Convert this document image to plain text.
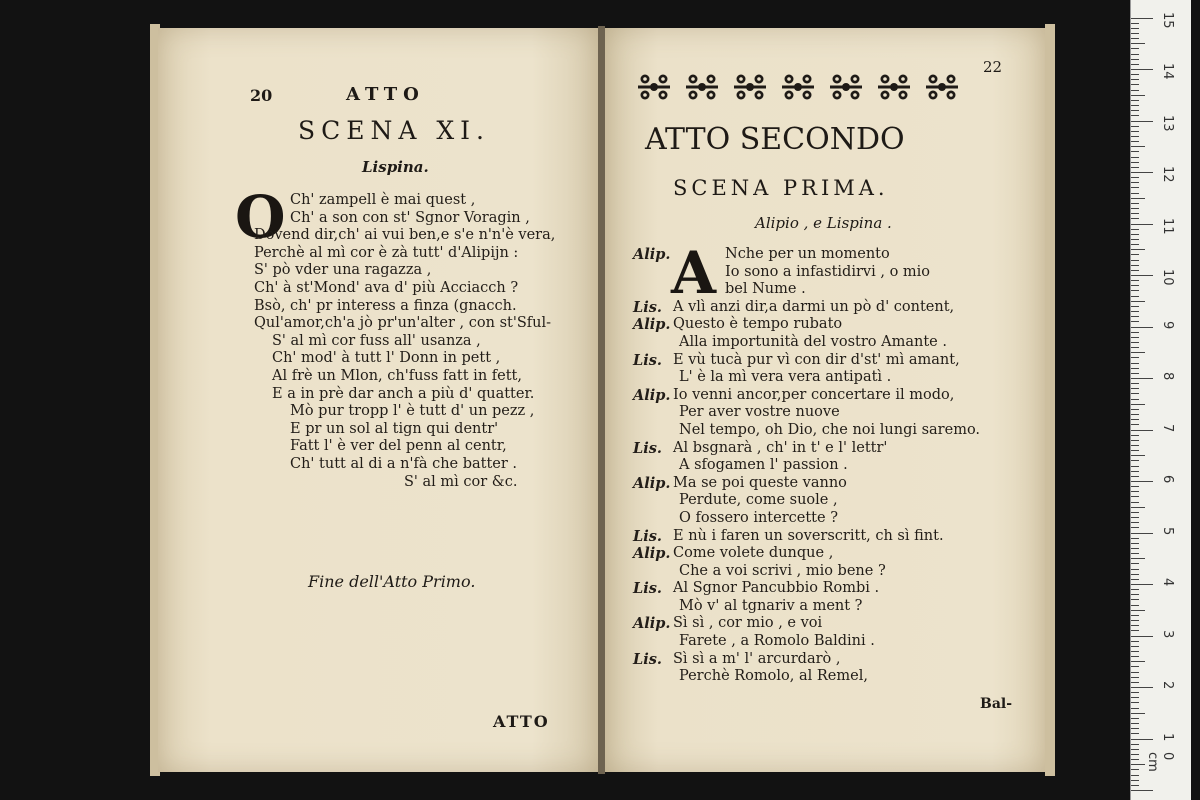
20	ATTO
SCENA XI.
Lispina.
O Ch' zampell è mai quest ,
Ch' a son con st' Sgnor Voragin ,
Dovend dir,ch' ai vui ben,e s'e n'n'è vera,
Perchè al mì cor è zà tutt' d'Alipijn :
S' pò vder una ragazza ,
Ch' à st'Mond' ava d' più Acciacch ?
Bsò, ch' pr interess a finza (gnacch.
Qul'amor,ch'a jò pr'un'alter , con st'Sful-
S' al mì cor fuss all' usanza ,
Ch' mod' à tutt l' Donn in pett ,
Al frè un Mlon, ch'fuss fatt in fett,
E a in prè dar anch a più d' quatter.
Mò pur tropp l' è tutt d' un pezz ,
E pr un sol al tign qui dentr'
Fatt l' è ver del penn al centr,
Ch' tutt al di a n'fà che batter .
S' al mì cor &c.
Fine dell'Atto Primo.
ATTO
22
ATTO SECONDO
SCENA PRIMA.
Alipio , e Lispina .
A
Alip.	Nche per un momento
Io sono a infastidirvi , o mio
bel Nume .
Lis. A vlì anzi dir,a darmi un pò d' content,
Alip. Questo è tempo rubato
Alla importunità del vostro Amante .
Lis. E vù tucà pur vì con dir d'st' mì amant,
L' è la mì vera vera antipatì .
Alip. Io venni ancor,per concertare il modo,
Per aver vostre nuove
Nel tempo, oh Dio, che noi lungi saremo.
Lis. Al bsgnarà , ch' in t' e l' lettr'
A sfogamen l' passion .
Alip. Ma se poi queste vanno
Perdute, come suole ,
O fossero intercette ?
Lis. E nù i faren un soverscritt, ch sì fint.
Alip. Come volete dunque ,
Che a voi scrivi , mio bene ?
Lis. Al Sgnor Pancubbio Rombi .
Mò v' al tgnariv a ment ?
Alip. Sì sì , cor mio , e voi
Farete , a Romolo Baldini .
Lis. Sì sì a m' l' arcurdarò ,
Perchè Romolo, al Remel,
Bal-
1
2
3
4
5
6
7
8
9
10
11
12
13
14
15
0 cm
